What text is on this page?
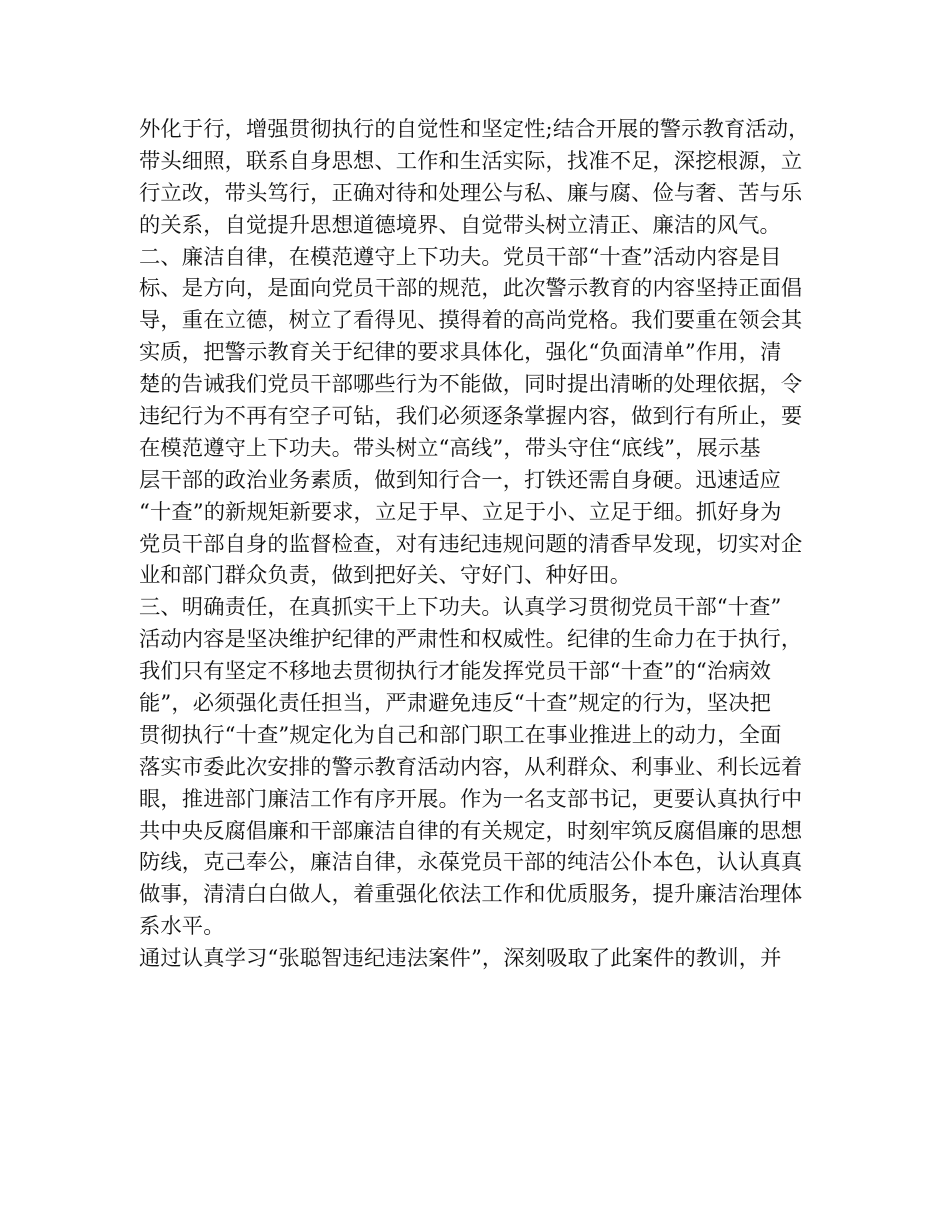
外化于行，增强贯彻执行的自觉性和坚定性;结合开展的警示教育活动，
带头细照，联系自身思想、工作和生活实际，找准不足，深挖根源，立
行立改，带头笃行，正确对待和处理公与私、廉与腐、俭与奢、苦与乐
的关系，自觉提升思想道德境界、自觉带头树立清正、廉洁的风气。
二、廉洁自律，在模范遵守上下功夫。党员干部“十查”活动内容是目
标、是方向，是面向党员干部的规范，此次警示教育的内容坚持正面倡
导，重在立德，树立了看得见、摸得着的高尚党格。我们要重在领会其
实质，把警示教育关于纪律的要求具体化，强化“负面清单”作用，清
楚的告诫我们党员干部哪些行为不能做，同时提出清晰的处理依据，令
违纪行为不再有空子可钻，我们必须逐条掌握内容，做到行有所止，要
在模范遵守上下功夫。带头树立“高线”，带头守住“底线”，展示基
层干部的政治业务素质，做到知行合一，打铁还需自身硬。迅速适应
“十查”的新规矩新要求，立足于早、立足于小、立足于细。抓好身为
党员干部自身的监督检查，对有违纪违规问题的清香早发现，切实对企
业和部门群众负责，做到把好关、守好门、种好田。
三、明确责任，在真抓实干上下功夫。认真学习贯彻党员干部“十查”
活动内容是坚决维护纪律的严肃性和权威性。纪律的生命力在于执行，
我们只有坚定不移地去贯彻执行才能发挥党员干部“十查”的“治病效
能”，必须强化责任担当，严肃避免违反“十查”规定的行为，坚决把
贯彻执行“十查”规定化为自己和部门职工在事业推进上的动力，全面
落实市委此次安排的警示教育活动内容，从利群众、利事业、利长远着
眼，推进部门廉洁工作有序开展。作为一名支部书记，更要认真执行中
共中央反腐倡廉和干部廉洁自律的有关规定，时刻牢筑反腐倡廉的思想
防线，克己奉公，廉洁自律，永葆党员干部的纯洁公仆本色，认认真真
做事，清清白白做人，着重强化依法工作和优质服务，提升廉洁治理体
系水平。
通过认真学习“张聪智违纪违法案件”，深刻吸取了此案件的教训，并
